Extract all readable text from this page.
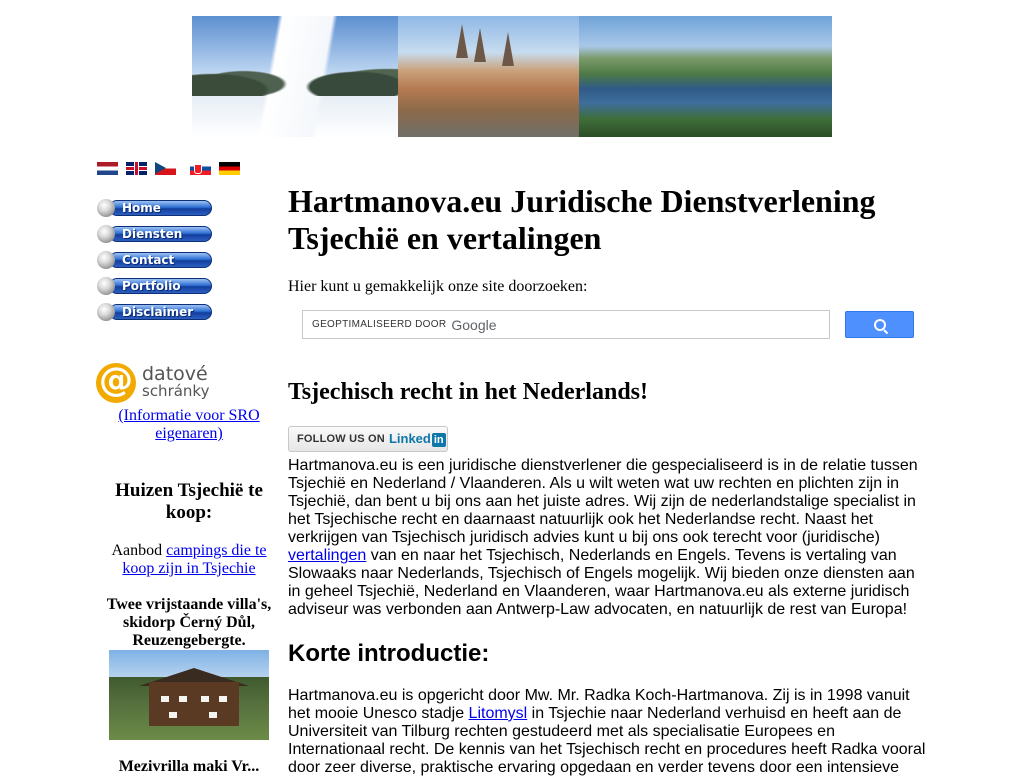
Home
Diensten
Contact
Portfolio
Disclaimer
@
datové
schránky
(Informatie voor SRO eigenaren)
Huizen Tsjechië te koop:
Aanbod campings die te koop zijn in Tsjechie
Twee vrijstaande villa's, skidorp Černý Důl, Reuzengebergte.
Mezivrilla maki Vr...
Hartmanova.eu Juridische Dienstverlening Tsjechië en vertalingen
Hier kunt u gemakkelijk onze site doorzoeken:
GEOPTIMALISEERD DOOR Google
Tsjechisch recht in het Nederlands!
FOLLOW US ON Linked in

Hartmanova.eu is een juridische dienstverlener die gespecialiseerd is in de relatie tussen Tsjechië en Nederland / Vlaanderen. Als u wilt weten wat uw rechten en plichten zijn in Tsjechië, dan bent u bij ons aan het juiste adres. Wij zijn de nederlandstalige specialist in het Tsjechische recht en daarnaast natuurlijk ook het Nederlandse recht. Naast het verkrijgen van Tsjechisch juridisch advies kunt u bij ons ook terecht voor (juridische) vertalingen van en naar het Tsjechisch, Nederlands en Engels. Tevens is vertaling van Slowaaks naar Nederlands, Tsjechisch of Engels mogelijk. Wij bieden onze diensten aan in geheel Tsjechië, Nederland en Vlaanderen, waar Hartmanova.eu als externe juridisch adviseur was verbonden aan Antwerp-Law advocaten, en natuurlijk de rest van Europa!

Korte introductie:

Hartmanova.eu is opgericht door Mw. Mr. Radka Koch-Hartmanova. Zij is in 1998 vanuit het mooie Unesco stadje Litomysl in Tsjechie naar Nederland verhuisd en heeft aan de Universiteit van Tilburg rechten gestudeerd met als specialisatie Europees en Internationaal recht. De kennis van het Tsjechisch recht en procedures heeft Radka vooral door zeer diverse, praktische ervaring opgedaan en verder tevens door een intensieve
